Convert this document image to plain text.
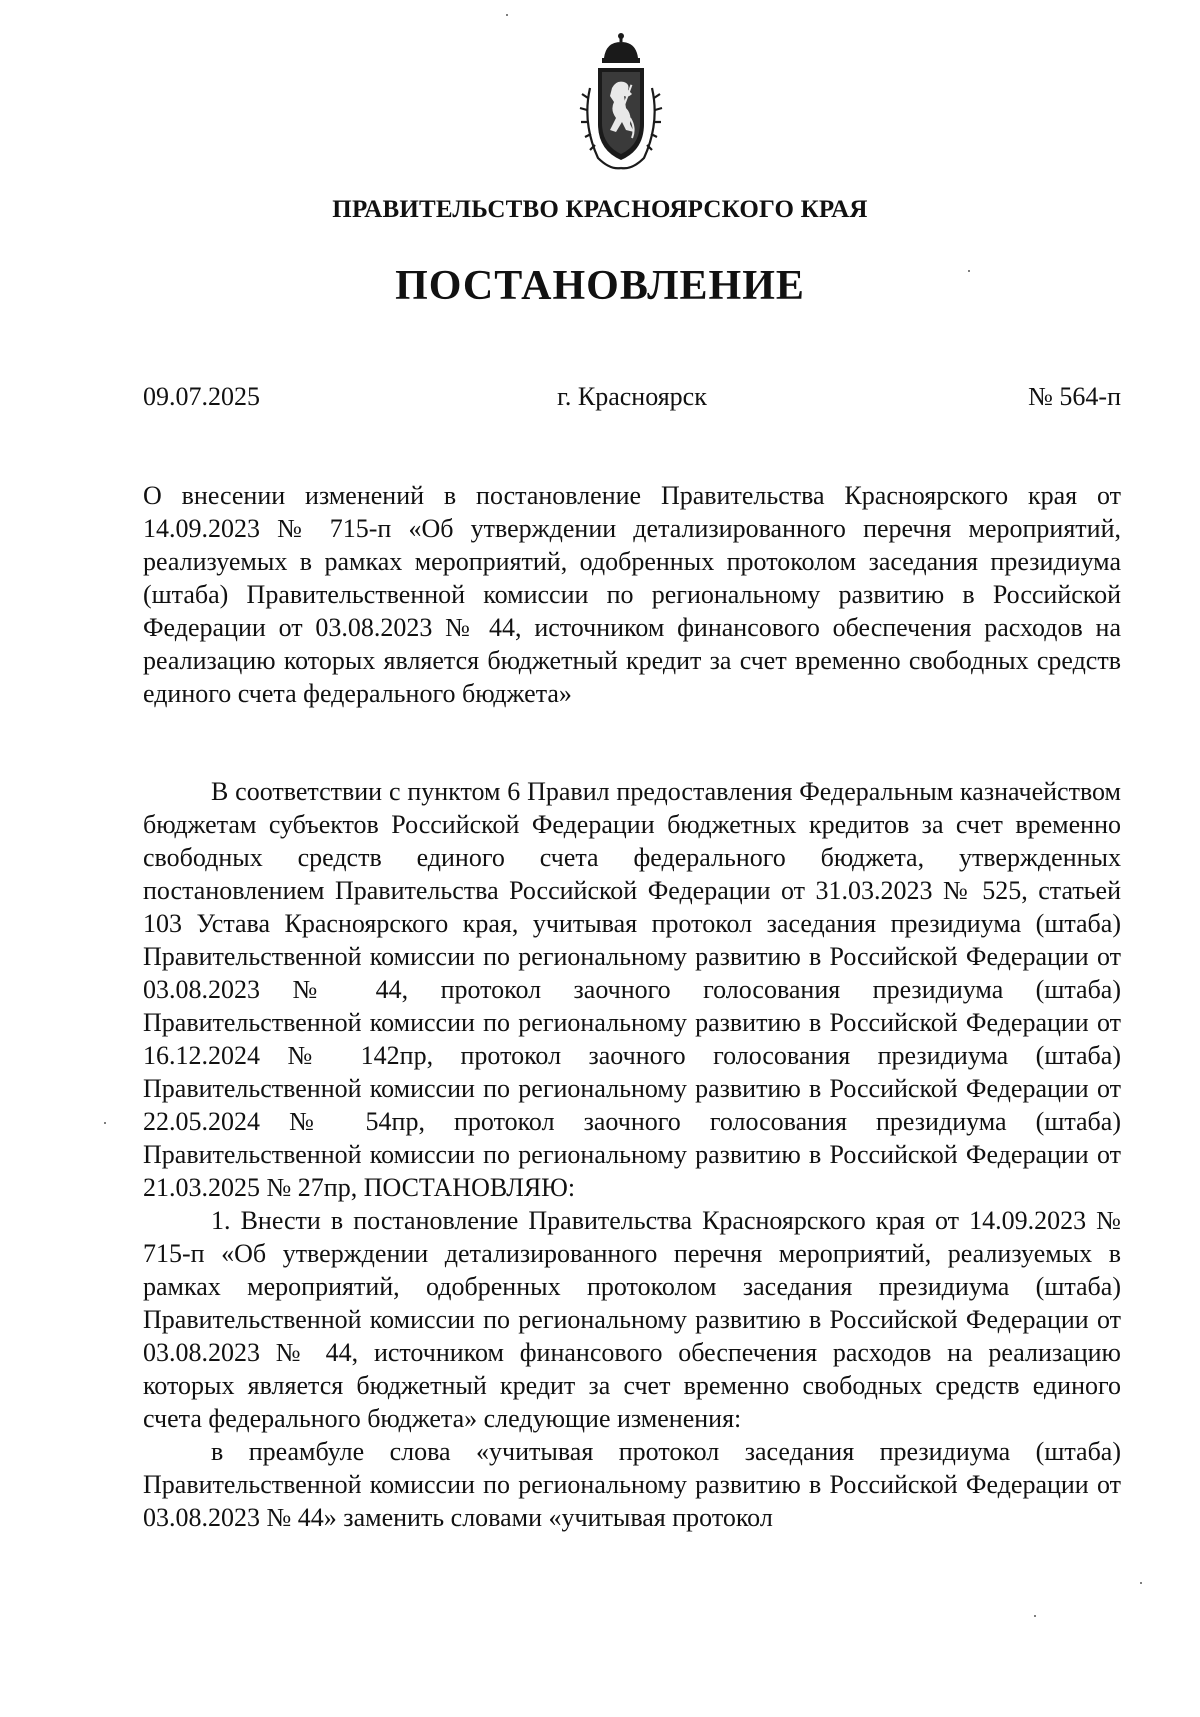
ПРАВИТЕЛЬСТВО КРАСНОЯРСКОГО КРАЯ
ПОСТАНОВЛЕНИЕ
09.07.2025	г. Красноярск	№ 564-п
О внесении изменений в постановление Правительства Красноярского края от 14.09.2023 № 715-п «Об утверждении детализированного перечня мероприятий, реализуемых в рамках мероприятий, одобренных протоколом заседания президиума (штаба) Правительственной комиссии по региональному развитию в Российской Федерации от 03.08.2023 № 44, источником финансового обеспечения расходов на реализацию которых является бюджетный кредит за счет временно свободных средств единого счета федерального бюджета»

В соответствии с пунктом 6 Правил предоставления Федеральным казначейством бюджетам субъектов Российской Федерации бюджетных кредитов за счет временно свободных средств единого счета федерального бюджета, утвержденных постановлением Правительства Российской Федерации от 31.03.2023 № 525, статьей 103 Устава Красноярского края, учитывая протокол заседания президиума (штаба) Правительственной комиссии по региональному развитию в Российской Федерации от 03.08.2023 № 44, протокол заочного голосования президиума (штаба) Правительственной комиссии по региональному развитию в Российской Федерации от 16.12.2024 № 142пр, протокол заочного голосования президиума (штаба) Правительственной комиссии по региональному развитию в Российской Федерации от 22.05.2024 № 54пр, протокол заочного голосования президиума (штаба) Правительственной комиссии по региональному развитию в Российской Федерации от 21.03.2025 № 27пр, ПОСТАНОВЛЯЮ:

1. Внести в постановление Правительства Красноярского края от 14.09.2023 № 715-п «Об утверждении детализированного перечня мероприятий, реализуемых в рамках мероприятий, одобренных протоколом заседания президиума (штаба) Правительственной комиссии по региональному развитию в Российской Федерации от 03.08.2023 № 44, источником финансового обеспечения расходов на реализацию которых является бюджетный кредит за счет временно свободных средств единого счета федерального бюджета» следующие изменения:

в преамбуле слова «учитывая протокол заседания президиума (штаба) Правительственной комиссии по региональному развитию в Российской Федерации от 03.08.2023 № 44» заменить словами «учитывая протокол
